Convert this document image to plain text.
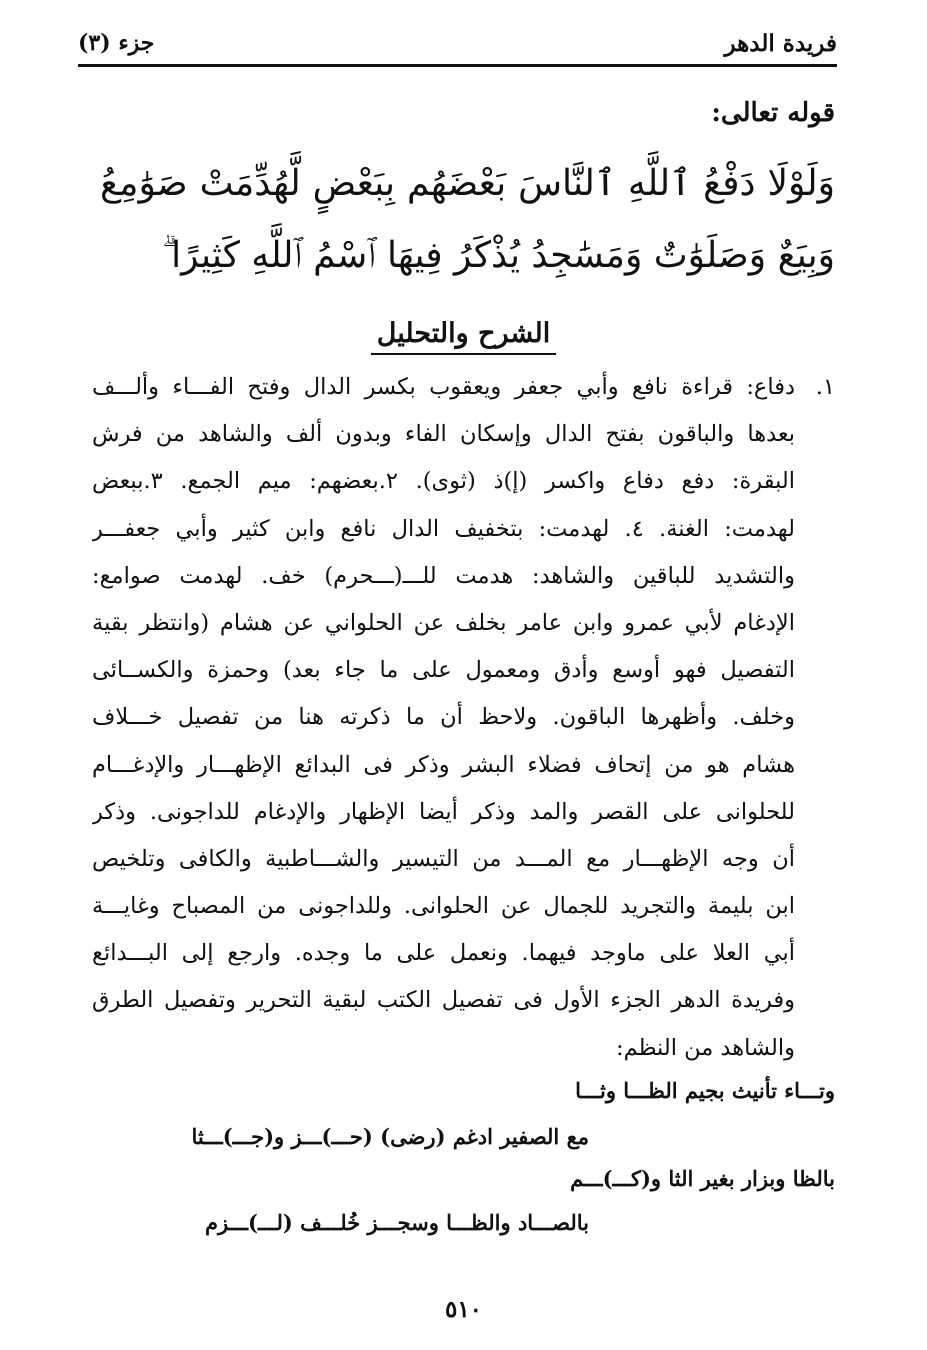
فريدة الدهر
جزء (٣)
قوله تعالى:
وَلَوْلَا دَفْعُ ٱللَّهِ ٱلنَّاسَ بَعْضَهُم بِبَعْضٍ لَّهُدِّمَتْ صَوَٰمِعُ
وَبِيَعٌ وَصَلَوَٰتٌ وَمَسَٰجِدُ يُذْكَرُ فِيهَا ٱسْمُ ٱللَّهِ كَثِيرًا ۗ
الشرح والتحليل
١.
دفاع: قراءة نافع وأبي جعفر ويعقوب بكسر الدال وفتح الفـــاء وألـــف
بعدها والباقون بفتح الدال وإسكان الفاء وبدون ألف والشاهد من فرش
البقرة: دفع دفاع واكسر (إ)ذ (ثوى). ٢.بعضهم: ميم الجمع. ٣.ببعض
لهدمت: الغنة. ٤. لهدمت: بتخفيف الدال نافع وابن كثير وأبي جعفـــر
والتشديد للباقين والشاهد: هدمت للـــ(ـــحرم) خف. لهدمت صوامع:
الإدغام لأبي عمرو وابن عامر بخلف عن الحلواني عن هشام (وانتظر بقية
التفصيل فهو أوسع وأدق ومعمول على ما جاء بعد) وحمزة والكســائى
وخلف. وأظهرها الباقون. ولاحظ أن ما ذكرته هنا من تفصيل خـــلاف
هشام هو من إتحاف فضلاء البشر وذكر فى البدائع الإظهـــار والإدغـــام
للحلوانى على القصر والمد وذكر أيضا الإظهار والإدغام للداجونى. وذكر
أن وجه الإظهـــار مع المـــد من التيسير والشـــاطبية والكافى وتلخيص
ابن بليمة والتجريد للجمال عن الحلوانى. وللداجونى من المصباح وغايـــة
أبي العلا على ماوجد فيهما. ونعمل على ما وجده. وارجع إلى البـــدائع
وفريدة الدهر الجزء الأول فى تفصيل الكتب لبقية التحرير وتفصيل الطرق
والشاهد من النظم:
وتـــاء تأنيث بجيم الظـــا وثـــا
مع الصفير ادغم (رضى) (حـــ)ـــز و(جـــ)ـــثا
بالظا وبزار بغير الثا و(كـــ)ـــم
بالصـــاد والظـــا وسجـــز خُلـــف (لـــ)ـــزم
٥١٠
